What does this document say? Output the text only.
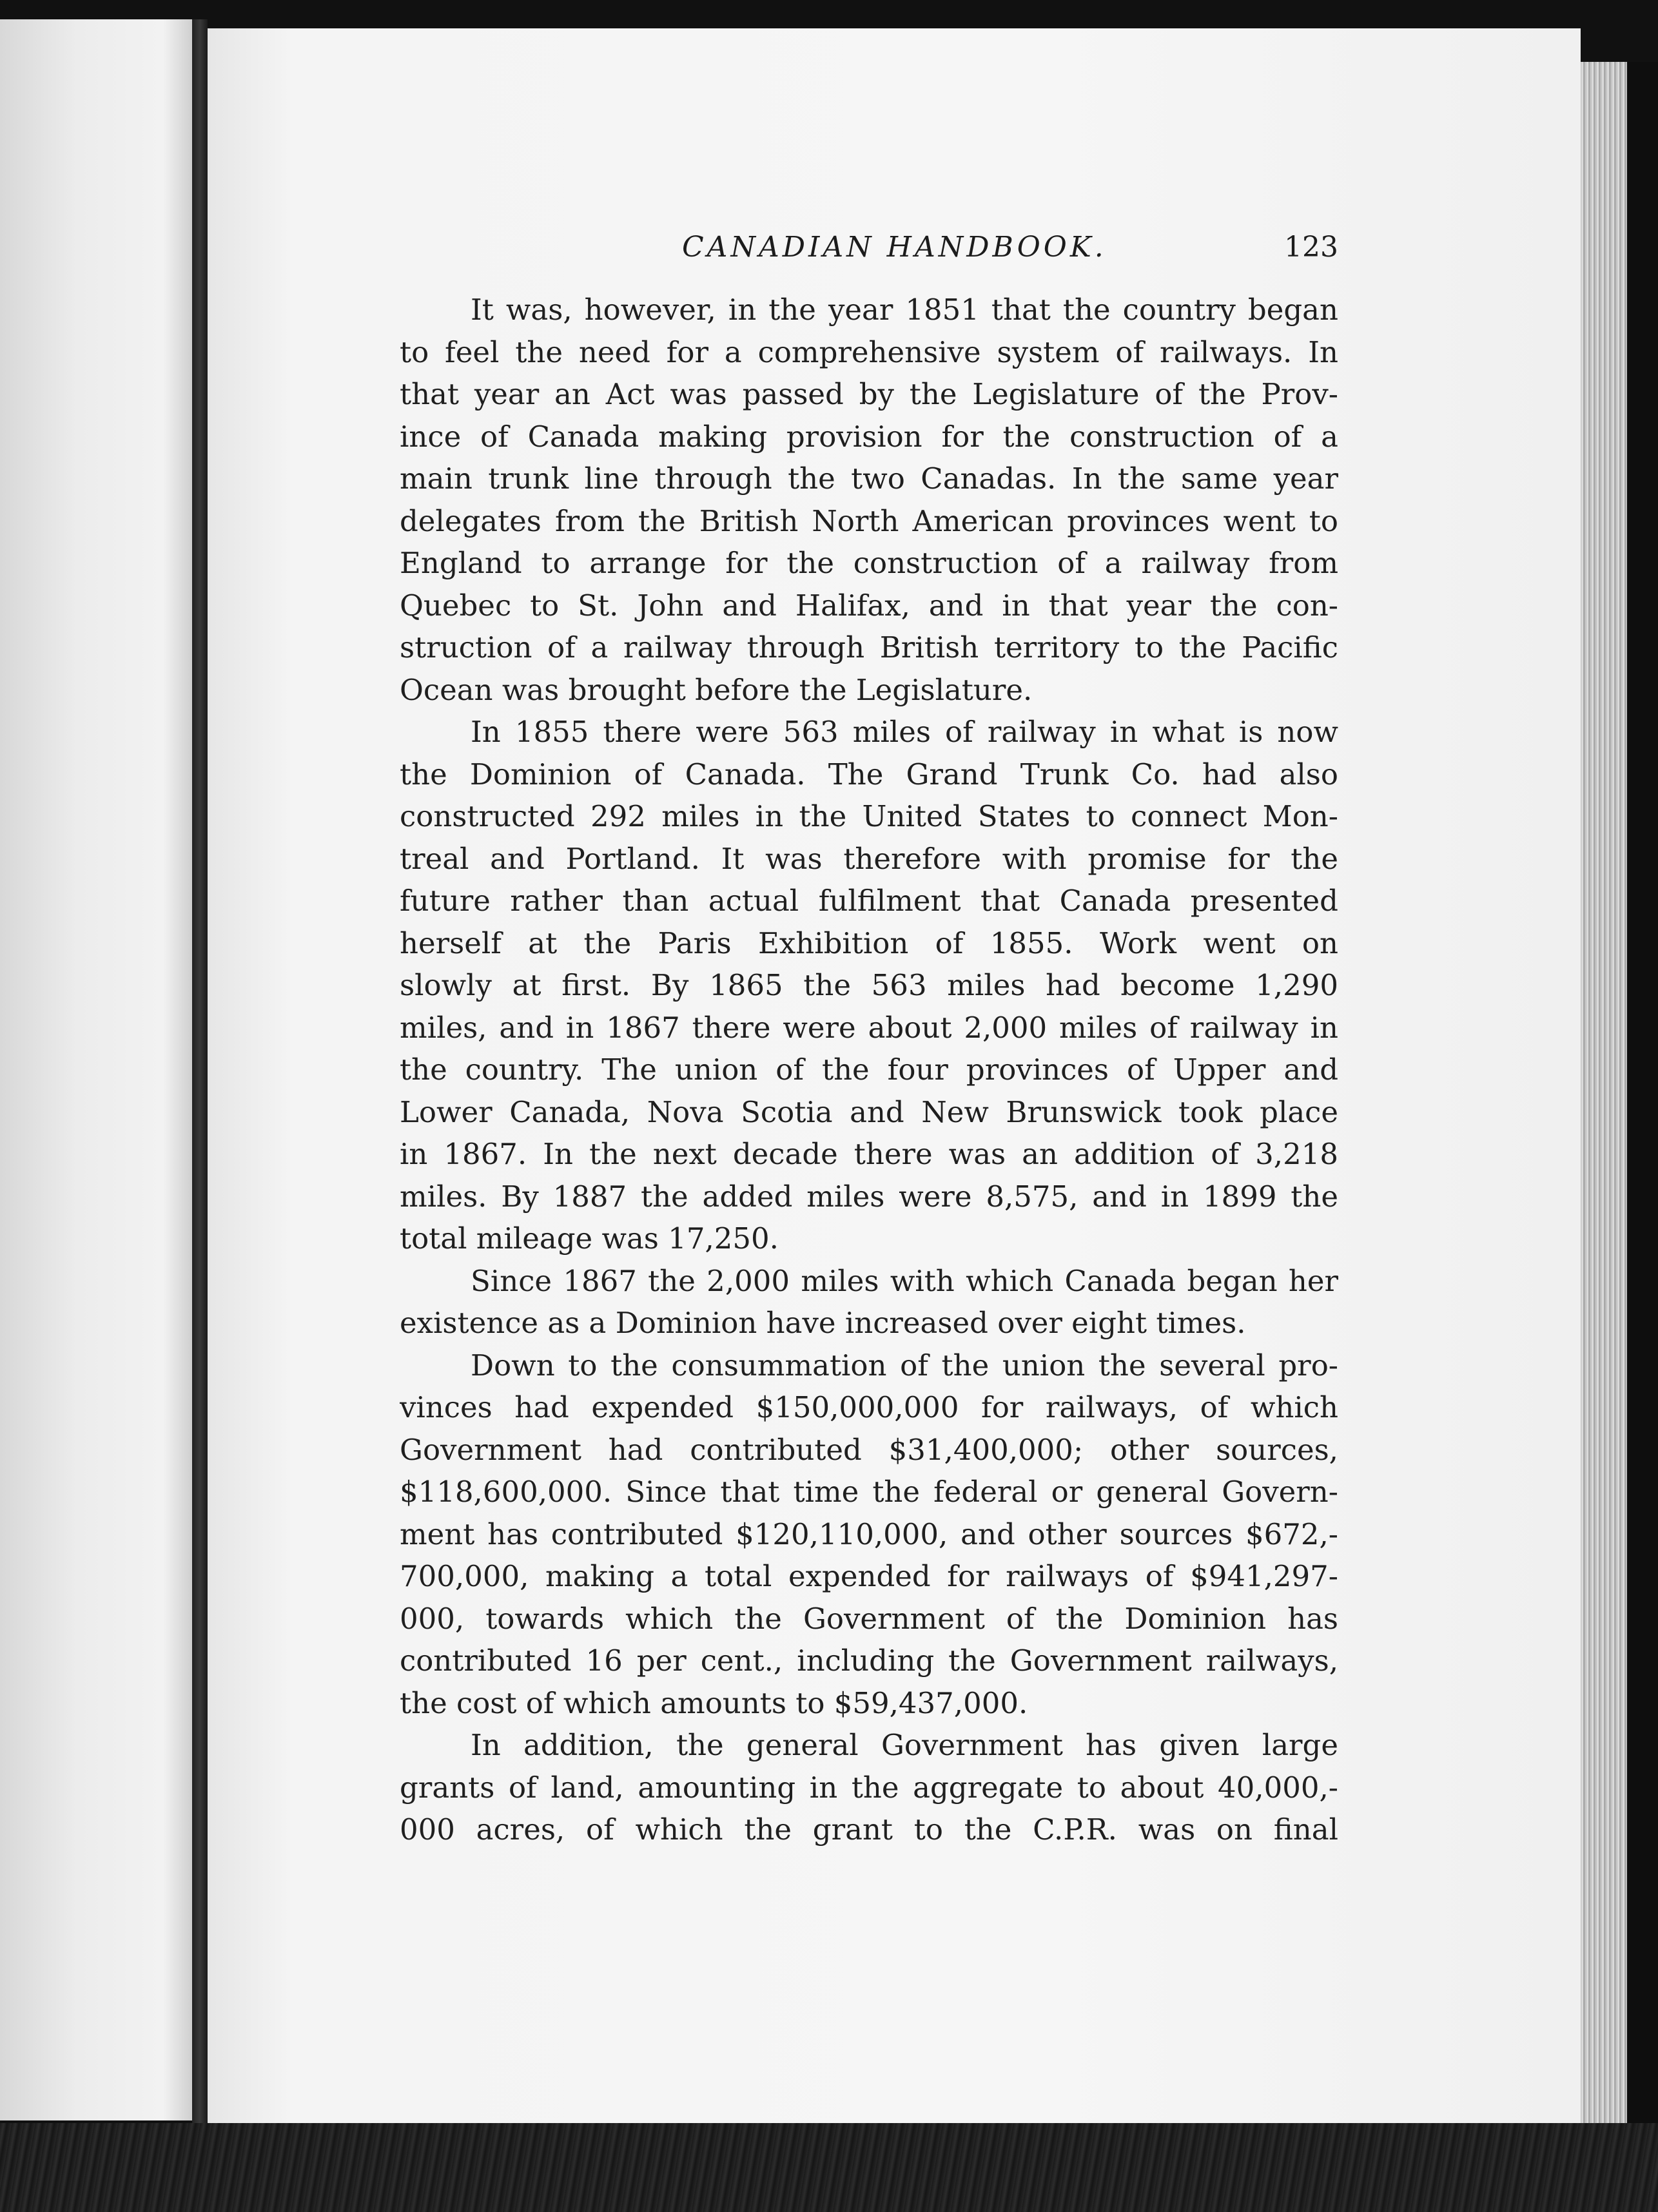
CANADIAN HANDBOOK.	123
It was, however, in the year 1851 that the country began
to feel the need for a comprehensive system of railways. In
that year an Act was passed by the Legislature of the Prov-
ince of Canada making provision for the construction of a
main trunk line through the two Canadas. In the same year
delegates from the British North American provinces went to
England to arrange for the construction of a railway from
Quebec to St. John and Halifax, and in that year the con-
struction of a railway through British territory to the Pacific
Ocean was brought before the Legislature.
In 1855 there were 563 miles of railway in what is now
the Dominion of Canada. The Grand Trunk Co. had also
constructed 292 miles in the United States to connect Mon-
treal and Portland. It was therefore with promise for the
future rather than actual fulfilment that Canada presented
herself at the Paris Exhibition of 1855. Work went on
slowly at first. By 1865 the 563 miles had become 1,290
miles, and in 1867 there were about 2,000 miles of railway in
the country. The union of the four provinces of Upper and
Lower Canada, Nova Scotia and New Brunswick took place
in 1867. In the next decade there was an addition of 3,218
miles. By 1887 the added miles were 8,575, and in 1899 the
total mileage was 17,250.
Since 1867 the 2,000 miles with which Canada began her
existence as a Dominion have increased over eight times.
Down to the consummation of the union the several pro-
vinces had expended $150,000,000 for railways, of which
Government had contributed $31,400,000; other sources,
$118,600,000. Since that time the federal or general Govern-
ment has contributed $120,110,000, and other sources $672,-
700,000, making a total expended for railways of $941,297-
000, towards which the Government of the Dominion has
contributed 16 per cent., including the Government railways,
the cost of which amounts to $59,437,000.
In addition, the general Government has given large
grants of land, amounting in the aggregate to about 40,000,-
000 acres, of which the grant to the C.P.R. was on final
